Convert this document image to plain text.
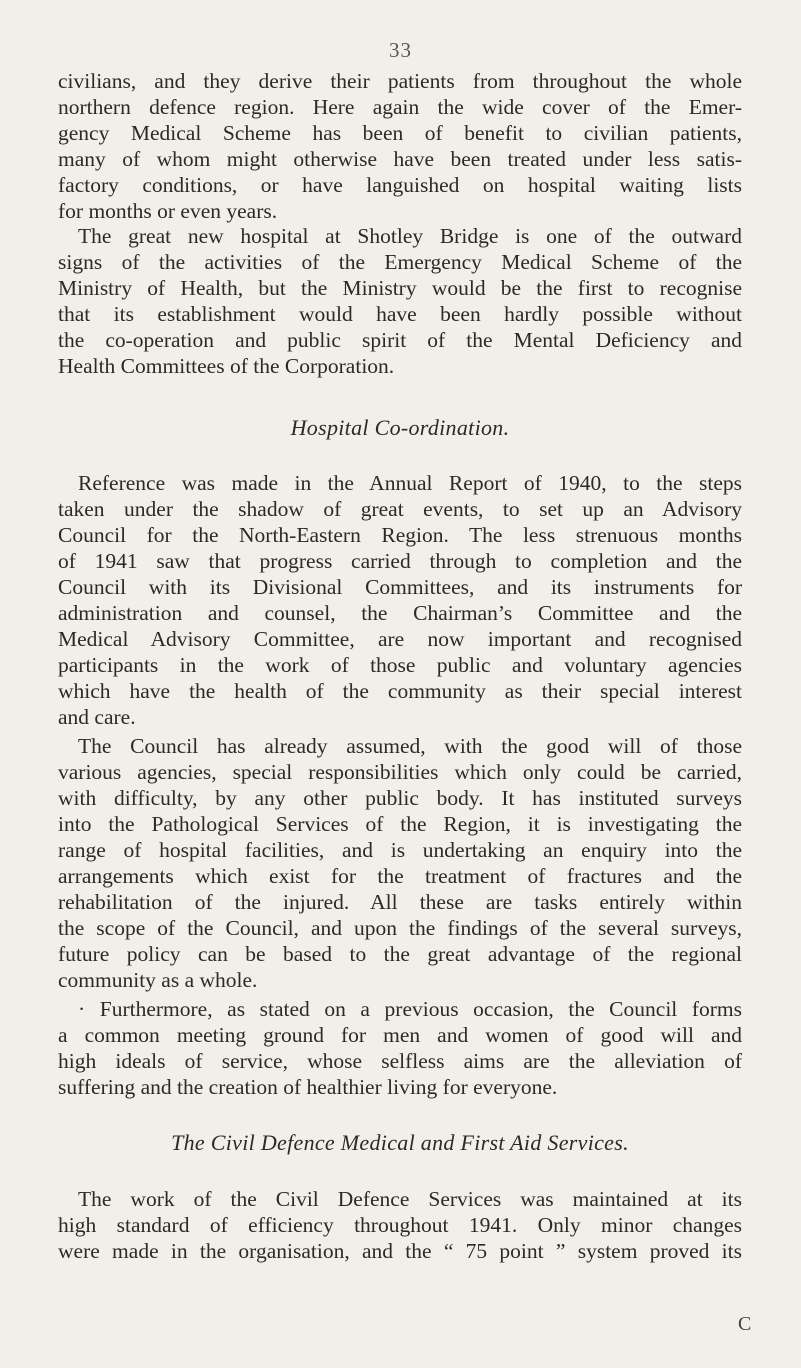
33
civilians, and they derive their patients from throughout the whole
northern defence region. Here again the wide cover of the Emer-
gency Medical Scheme has been of benefit to civilian patients,
many of whom might otherwise have been treated under less satis-
factory conditions, or have languished on hospital waiting lists
for months or even years.
The great new hospital at Shotley Bridge is one of the outward
signs of the activities of the Emergency Medical Scheme of the
Ministry of Health, but the Ministry would be the first to recognise
that its establishment would have been hardly possible without
the co-operation and public spirit of the Mental Deficiency and
Health Committees of the Corporation.
Hospital Co-ordination.
Reference was made in the Annual Report of 1940, to the steps
taken under the shadow of great events, to set up an Advisory
Council for the North-Eastern Region. The less strenuous months
of 1941 saw that progress carried through to completion and the
Council with its Divisional Committees, and its instruments for
administration and counsel, the Chairman’s Committee and the
Medical Advisory Committee, are now important and recognised
participants in the work of those public and voluntary agencies
which have the health of the community as their special interest
and care.
The Council has already assumed, with the good will of those
various agencies, special responsibilities which only could be carried,
with difficulty, by any other public body. It has instituted surveys
into the Pathological Services of the Region, it is investigating the
range of hospital facilities, and is undertaking an enquiry into the
arrangements which exist for the treatment of fractures and the
rehabilitation of the injured. All these are tasks entirely within
the scope of the Council, and upon the findings of the several surveys,
future policy can be based to the great advantage of the regional
community as a whole.
· Furthermore, as stated on a previous occasion, the Council forms
a common meeting ground for men and women of good will and
high ideals of service, whose selfless aims are the alleviation of
suffering and the creation of healthier living for everyone.
The Civil Defence Medical and First Aid Services.
The work of the Civil Defence Services was maintained at its
high standard of efficiency throughout 1941. Only minor changes
were made in the organisation, and the “ 75 point ” system proved its
C
